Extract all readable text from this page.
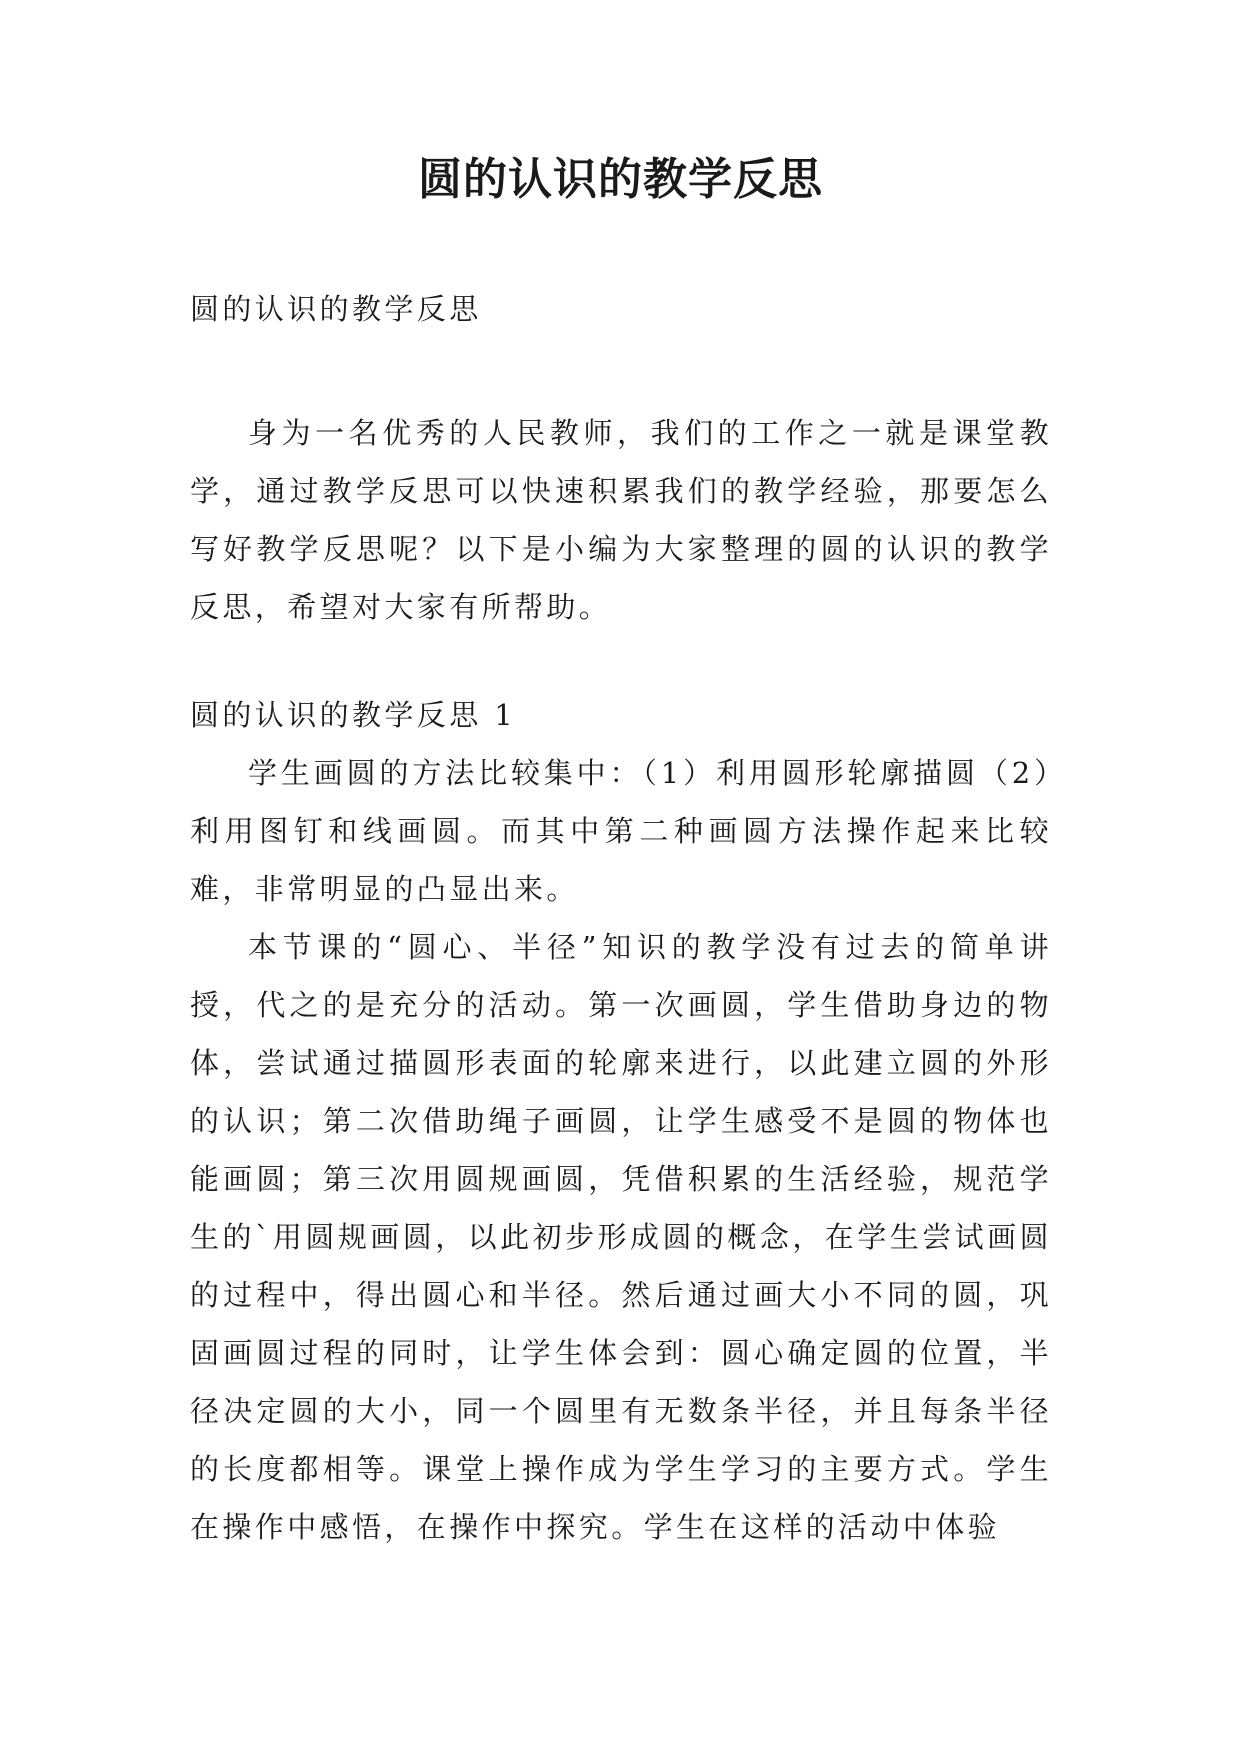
圆的认识的教学反思

圆的认识的教学反思

身为一名优秀的人民教师，我们的工作之一就是课堂教学，通过教学反思可以快速积累我们的教学经验，那要怎么写好教学反思呢？以下是小编为大家整理的圆的认识的教学反思，希望对大家有所帮助。

圆的认识的教学反思 1

学生画圆的方法比较集中：（1）利用圆形轮廓描圆（2）利用图钉和线画圆。而其中第二种画圆方法操作起来比较难，非常明显的凸显出来。

本节课的“圆心、半径”知识的教学没有过去的简单讲授，代之的是充分的活动。第一次画圆，学生借助身边的物体，尝试通过描圆形表面的轮廓来进行，以此建立圆的外形的认识；第二次借助绳子画圆，让学生感受不是圆的物体也能画圆；第三次用圆规画圆，凭借积累的生活经验，规范学生的`用圆规画圆，以此初步形成圆的概念，在学生尝试画圆的过程中，得出圆心和半径。然后通过画大小不同的圆，巩固画圆过程的同时，让学生体会到：圆心确定圆的位置，半径决定圆的大小，同一个圆里有无数条半径，并且每条半径的长度都相等。课堂上操作成为学生学习的主要方式。学生在操作中感悟，在操作中探究。学生在这样的活动中体验
